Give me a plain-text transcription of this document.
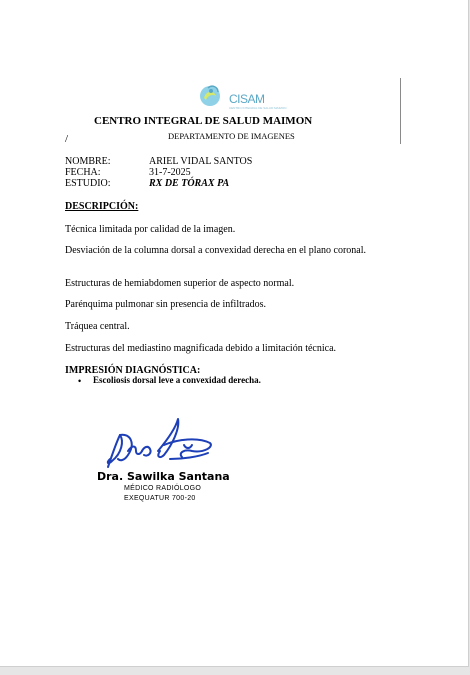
CISAM
CENTRO INTEGRAL DE SALUD MAIMON
CENTRO INTEGRAL DE SALUD MAIMON
DEPARTAMENTO DE IMAGENES
/
NOMBRE:	ARIEL VIDAL SANTOS
FECHA:	31-7-2025
ESTUDIO:	RX DE TÓRAX PA
DESCRIPCIÓN:
Técnica limitada por calidad de la imagen.
Desviación de la columna dorsal a convexidad derecha en el plano coronal.
Estructuras de hemiabdomen superior de aspecto normal.
Parénquima pulmonar sin presencia de infiltrados.
Tráquea central.
Estructuras del mediastino magnificada debido a limitación técnica.
IMPRESIÓN DIAGNÓSTICA:
• Escoliosis dorsal leve a convexidad derecha.
Dra. Sawilka Santana
MÉDICO RADIÓLOGO
EXEQUATUR 700-20
